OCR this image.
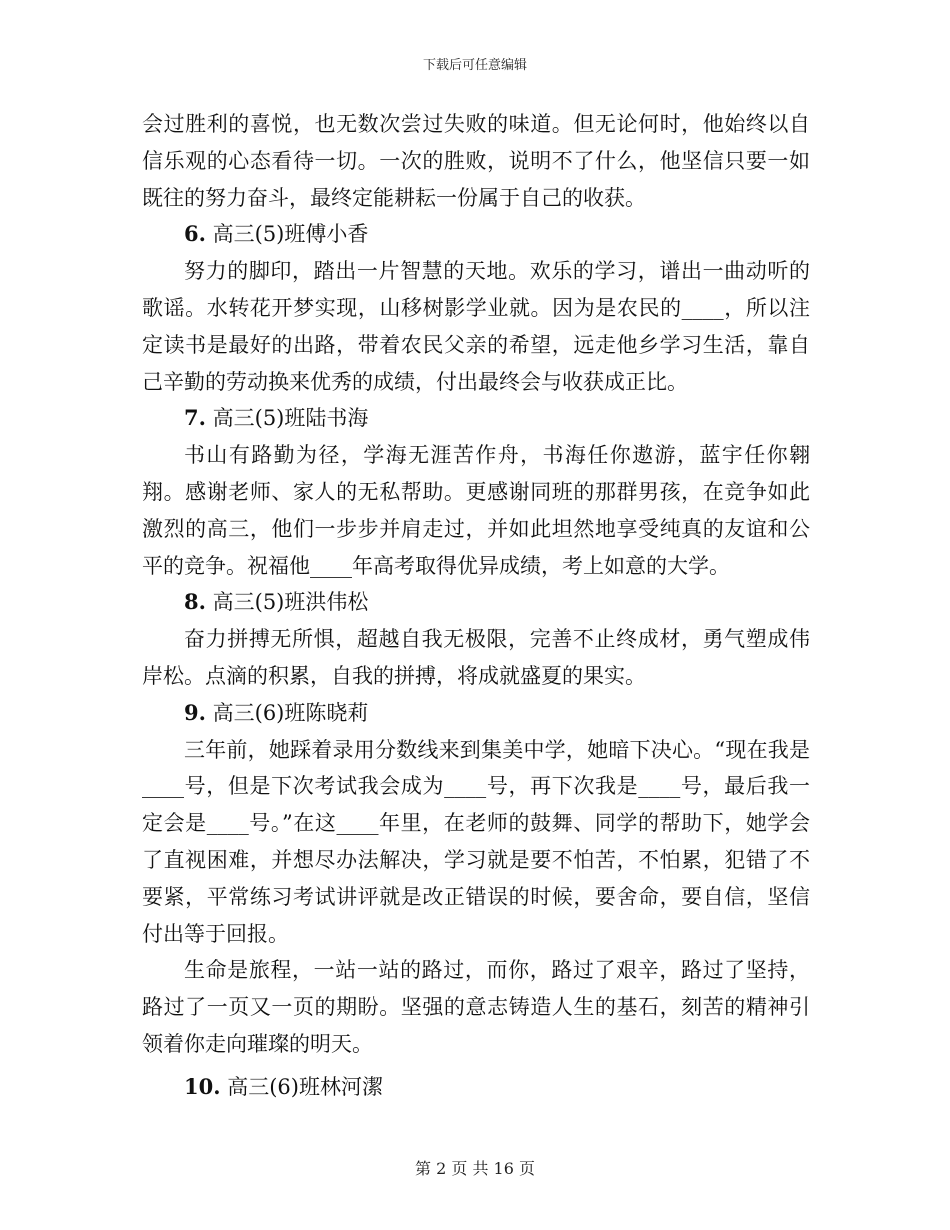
下载后可任意编辑

会过胜利的喜悦，也无数次尝过失败的味道。但无论何时，他始终以自信乐观的心态看待一切。一次的胜败，说明不了什么，他坚信只要一如既往的努力奋斗，最终定能耕耘一份属于自己的收获。

6. 高三(5)班傅小香

努力的脚印，踏出一片智慧的天地。欢乐的学习，谱出一曲动听的歌谣。水转花开梦实现，山移树影学业就。因为是农民的____，所以注定读书是最好的出路，带着农民父亲的希望，远走他乡学习生活，靠自己辛勤的劳动换来优秀的成绩，付出最终会与收获成正比。

7. 高三(5)班陆书海

书山有路勤为径，学海无涯苦作舟，书海任你遨游，蓝宇任你翱翔。感谢老师、家人的无私帮助。更感谢同班的那群男孩，在竞争如此激烈的高三，他们一步步并肩走过，并如此坦然地享受纯真的友谊和公平的竞争。祝福他____年高考取得优异成绩，考上如意的大学。

8. 高三(5)班洪伟松

奋力拼搏无所惧，超越自我无极限，完善不止终成材，勇气塑成伟岸松。点滴的积累，自我的拼搏，将成就盛夏的果实。

9. 高三(6)班陈晓莉

三年前，她踩着录用分数线来到集美中学，她暗下决心。“现在我是____号，但是下次考试我会成为____号，再下次我是____号，最后我一定会是____号。”在这____年里，在老师的鼓舞、同学的帮助下，她学会了直视困难，并想尽办法解决，学习就是要不怕苦，不怕累，犯错了不要紧，平常练习考试讲评就是改正错误的时候，要舍命，要自信，坚信付出等于回报。

生命是旅程，一站一站的路过，而你，路过了艰辛，路过了坚持，路过了一页又一页的期盼。坚强的意志铸造人生的基石，刻苦的精神引领着你走向璀璨的明天。

10. 高三(6)班林河潔
第 2 页 共 16 页
